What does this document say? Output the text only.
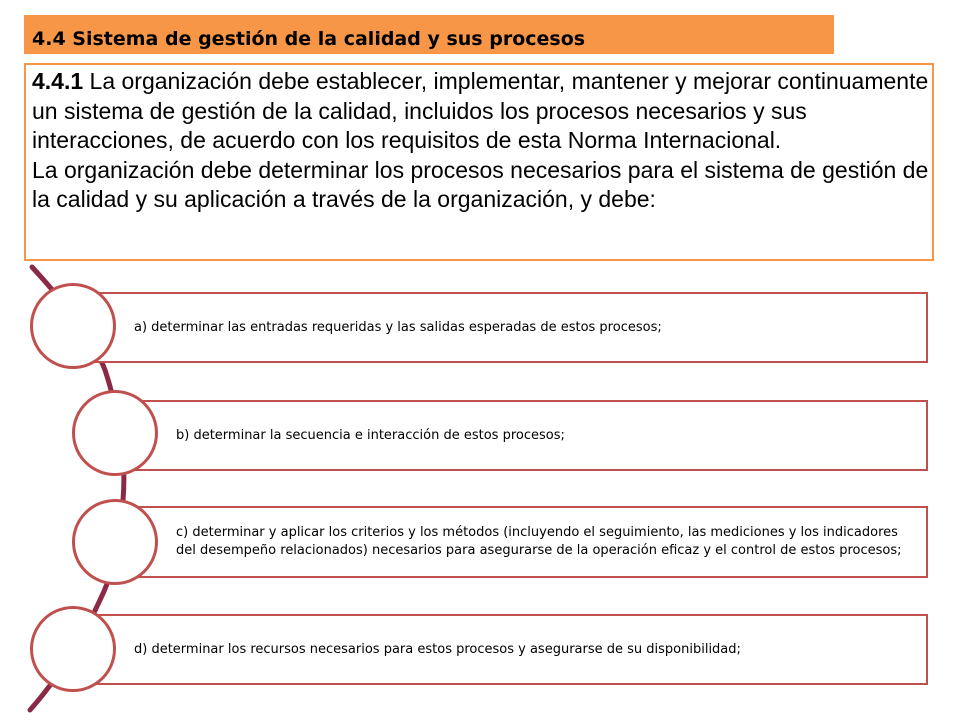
4.4 Sistema de gestión de la calidad y sus procesos

4.4.1 La organización debe establecer, implementar, mantener y mejorar continuamente un sistema de gestión de la calidad, incluidos los procesos necesarios y sus interacciones, de acuerdo con los requisitos de esta Norma Internacional.

La organización debe determinar los procesos necesarios para el sistema de gestión de la calidad y su aplicación a través de la organización, y debe:

a) determinar las entradas requeridas y las salidas esperadas de estos procesos;
b) determinar la secuencia e interacción de estos procesos;
c) determinar y aplicar los criterios y los métodos (incluyendo el seguimiento, las mediciones y los indicadores del desempeño relacionados) necesarios para asegurarse de la operación eficaz y el control de estos procesos;
d) determinar los recursos necesarios para estos procesos y asegurarse de su disponibilidad;
